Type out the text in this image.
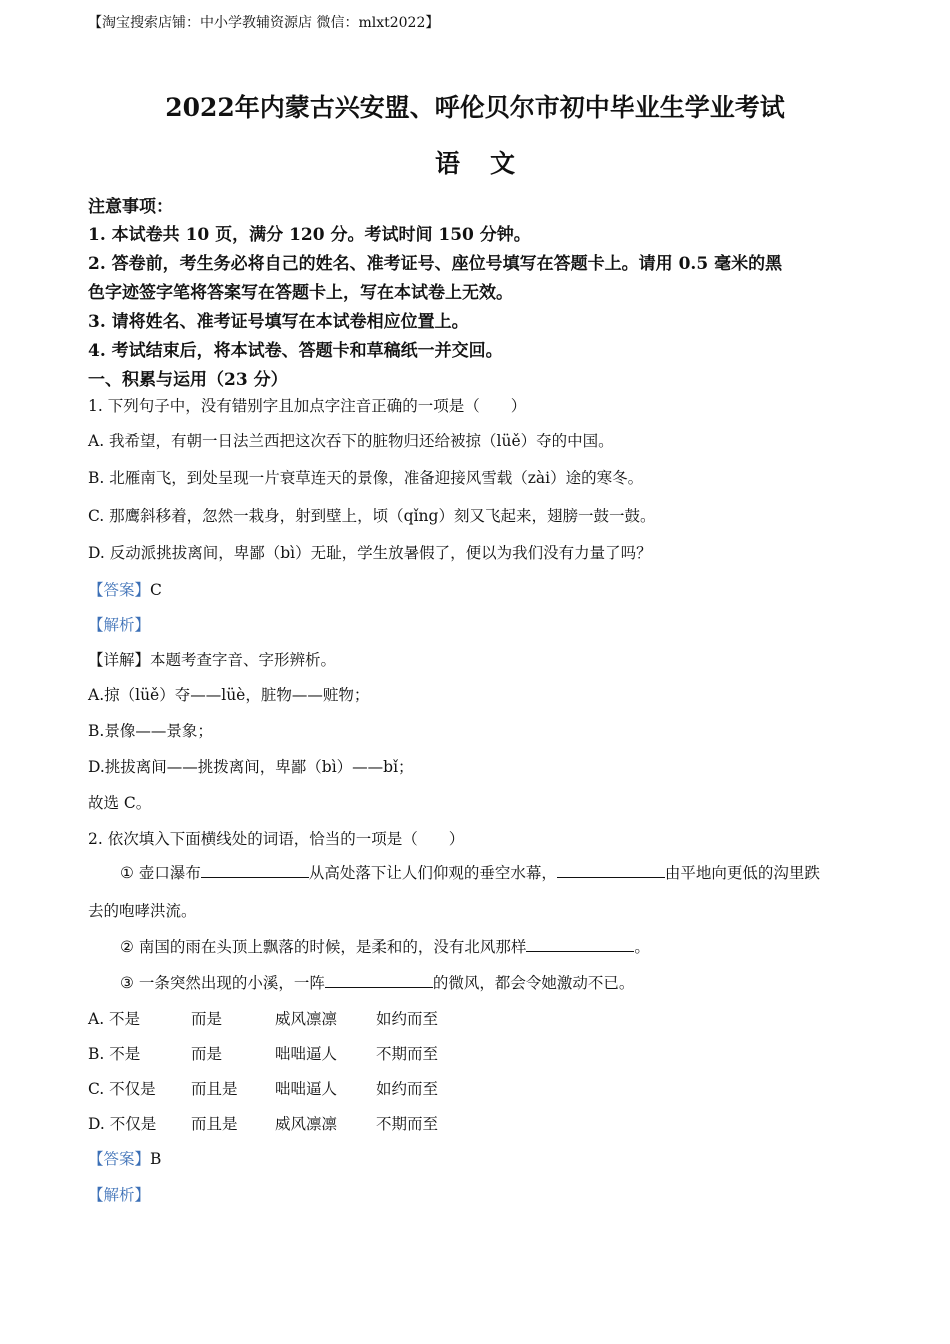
【淘宝搜索店铺：中小学教辅资源店 微信：mlxt2022】
2022年内蒙古兴安盟、呼伦贝尔市初中毕业生学业考试
语文
注意事项：
1. 本试卷共 10 页，满分 120 分。考试时间 150 分钟。
2. 答卷前，考生务必将自己的姓名、准考证号、座位号填写在答题卡上。请用 0.5 毫米的黑
色字迹签字笔将答案写在答题卡上，写在本试卷上无效。
3. 请将姓名、准考证号填写在本试卷相应位置上。
4. 考试结束后，将本试卷、答题卡和草稿纸一并交回。
一、积累与运用（23 分）
1. 下列句子中，没有错别字且加点字注音正确的一项是（　　）
A. 我希望，有朝一日法兰西把这次吞下的脏物归还给被掠（lüě）夺的中国。
B. 北雁南飞，到处呈现一片衰草连天的景像，准备迎接风雪载（zài）途的寒冬。
C. 那鹰斜移着，忽然一栽身，射到壁上，顷（qǐng）刻又飞起来，翅膀一鼓一鼓。
D. 反动派挑拔离间，卑鄙（bì）无耻，学生放暑假了，便以为我们没有力量了吗？
【答案】C
【解析】
【详解】本题考查字音、字形辨析。
A.掠（lüě）夺——lüè，脏物——赃物；
B.景像——景象；
D.挑拔离间——挑拨离间，卑鄙（bì）——bǐ；
故选 C。
2. 依次填入下面横线处的词语，恰当的一项是（　　）
① 壶口瀑布	从高处落下让人们仰观的垂空水幕，	由平地向更低的沟里跌
去的咆哮洪流。
② 南国的雨在头顶上飘落的时候，是柔和的，没有北风那样	。
③ 一条突然出现的小溪，一阵	的微风，都会令她激动不已。
A. 不是	而是	威风凛凛	如约而至
B. 不是	而是	咄咄逼人	不期而至
C. 不仅是 而且是 咄咄逼人	如约而至
D. 不仅是 而且是 威风凛凛	不期而至
【答案】B
【解析】
